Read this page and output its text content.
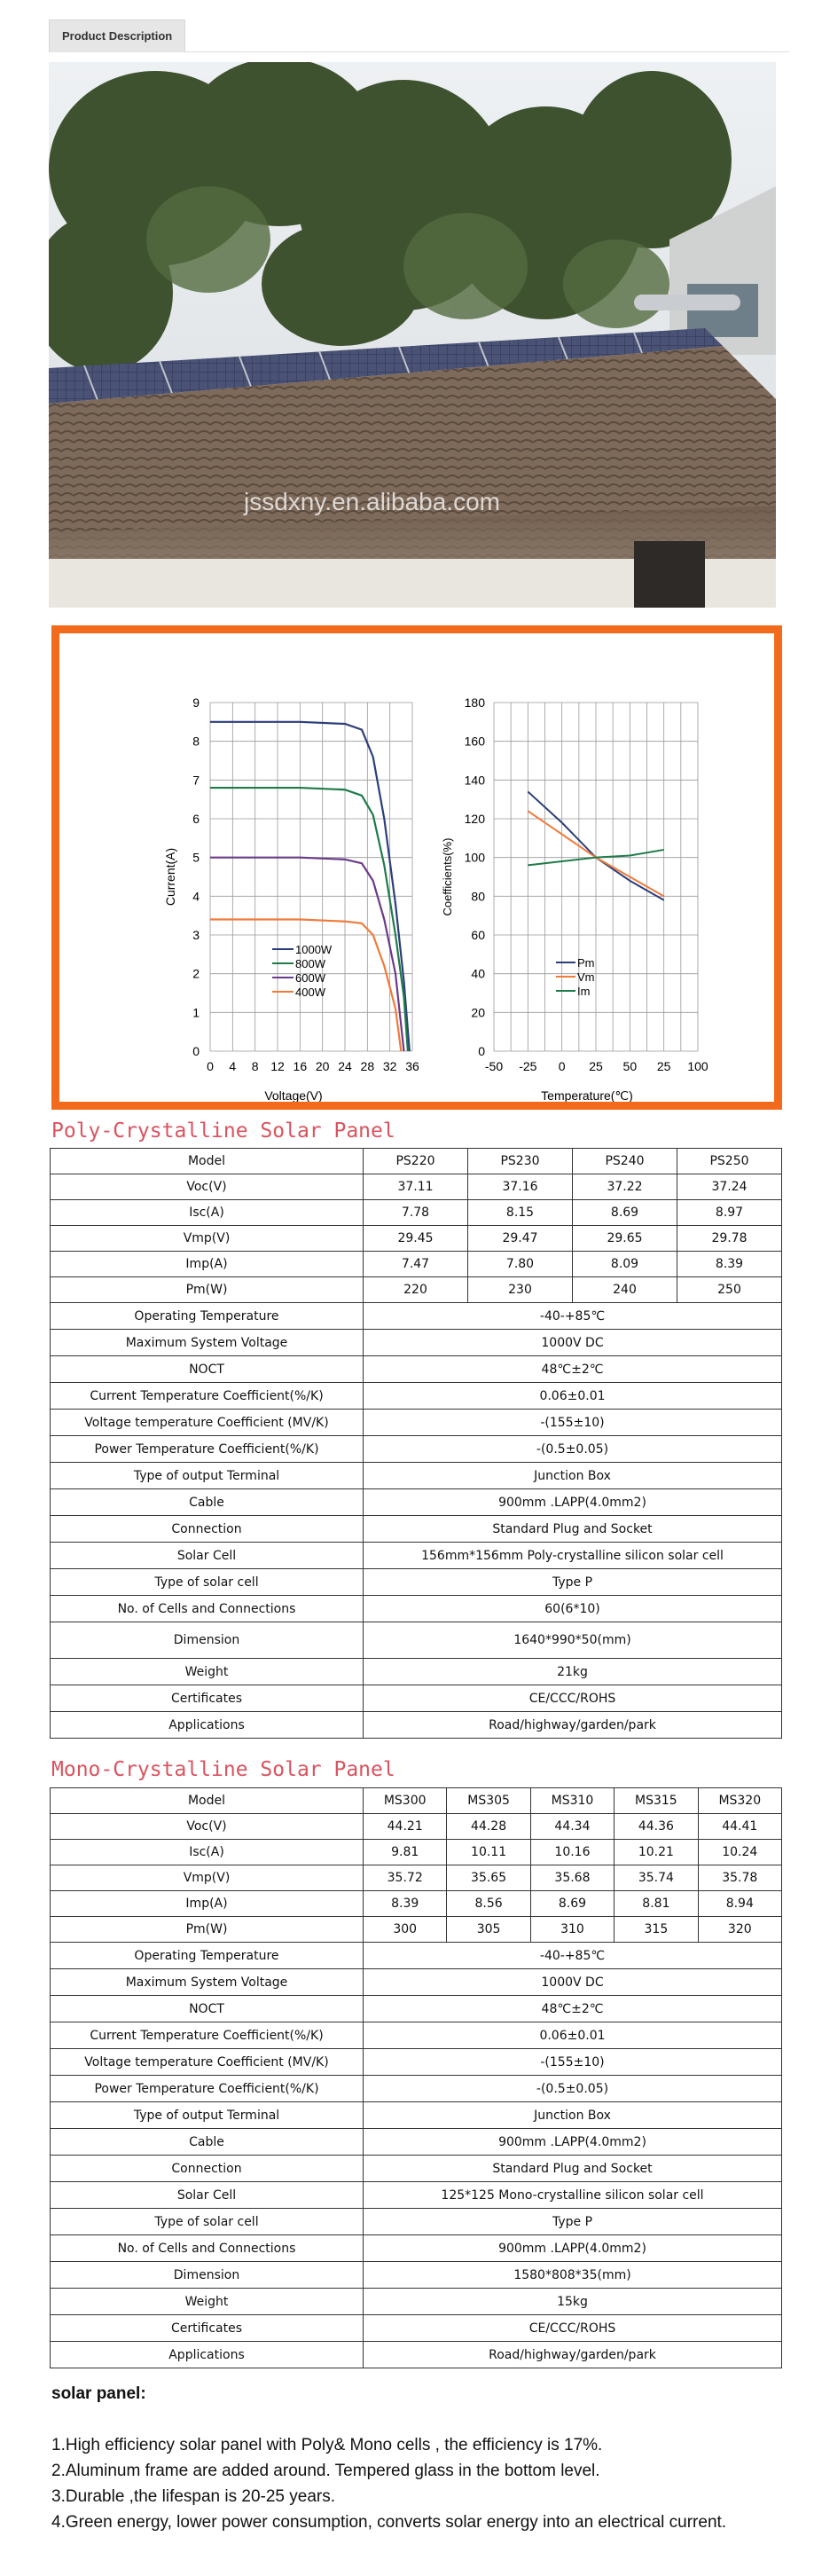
Product Description
jssdxny.en.alibaba.com
0 4 8 12 16 20 24 28 32 36
0
1
2
3
4
5
6
7
8
9
Voltage(V)
Current(A)
1000W
800W
600W
400W
-50 -25 0 25 50 25 100
0
20
40
60
80
100
120
140
160
180
Temperature(℃)
Coefficients(%)
Pm
Vm
Im
Poly-Crystalline Solar Panel
Model	PS220	PS230	PS240	PS250
Voc(V)	37.11	37.16	37.22	37.24
Isc(A)	7.78	8.15	8.69	8.97
Vmp(V)	29.45	29.47	29.65	29.78
Imp(A)	7.47	7.80	8.09	8.39
Pm(W)	220	230	240	250
Operating Temperature	-40-+85℃			
Maximum System Voltage	1000V DC			
NOCT	48℃±2℃			
Current Temperature Coefficient(%/K)	0.06±0.01			
Voltage temperature Coefficient (MV/K)	-(155±10)			
Power Temperature Coefficient(%/K)	-(0.5±0.05)			
Type of output Terminal	Junction Box			
Cable	900mm .LAPP(4.0mm2)			
Connection	Standard Plug and Socket			
Solar Cell	156mm*156mm Poly-crystalline silicon solar cell			
Type of solar cell	Type P			
No. of Cells and Connections	60(6*10)			
Dimension	1640*990*50(mm)			
Weight	21kg			
Certificates	CE/CCC/ROHS			
Applications	Road/highway/garden/park			
Mono-Crystalline Solar Panel
Model	MS300	MS305	MS310	MS315	MS320
Voc(V)	44.21	44.28	44.34	44.36	44.41
Isc(A)	9.81	10.11	10.16	10.21	10.24
Vmp(V)	35.72	35.65	35.68	35.74	35.78
Imp(A)	8.39	8.56	8.69	8.81	8.94
Pm(W)	300	305	310	315	320
Operating Temperature	-40-+85℃				
Maximum System Voltage	1000V DC				
NOCT	48℃±2℃				
Current Temperature Coefficient(%/K)	0.06±0.01				
Voltage temperature Coefficient (MV/K)	-(155±10)				
Power Temperature Coefficient(%/K)	-(0.5±0.05)				
Type of output Terminal	Junction Box				
Cable	900mm .LAPP(4.0mm2)				
Connection	Standard Plug and Socket				
Solar Cell	125*125 Mono-crystalline silicon solar cell				
Type of solar cell	Type P				
No. of Cells and Connections	900mm .LAPP(4.0mm2)				
Dimension	1580*808*35(mm)				
Weight	15kg				
Certificates	CE/CCC/ROHS				
Applications	Road/highway/garden/park				
solar panel:
1.High efficiency solar panel with Poly& Mono cells , the efficiency is 17%.
2.Aluminum frame are added around. Tempered glass in the bottom level.
3.Durable ,the lifespan is 20-25 years.
4.Green energy, lower power consumption, converts solar energy into an electrical current.
